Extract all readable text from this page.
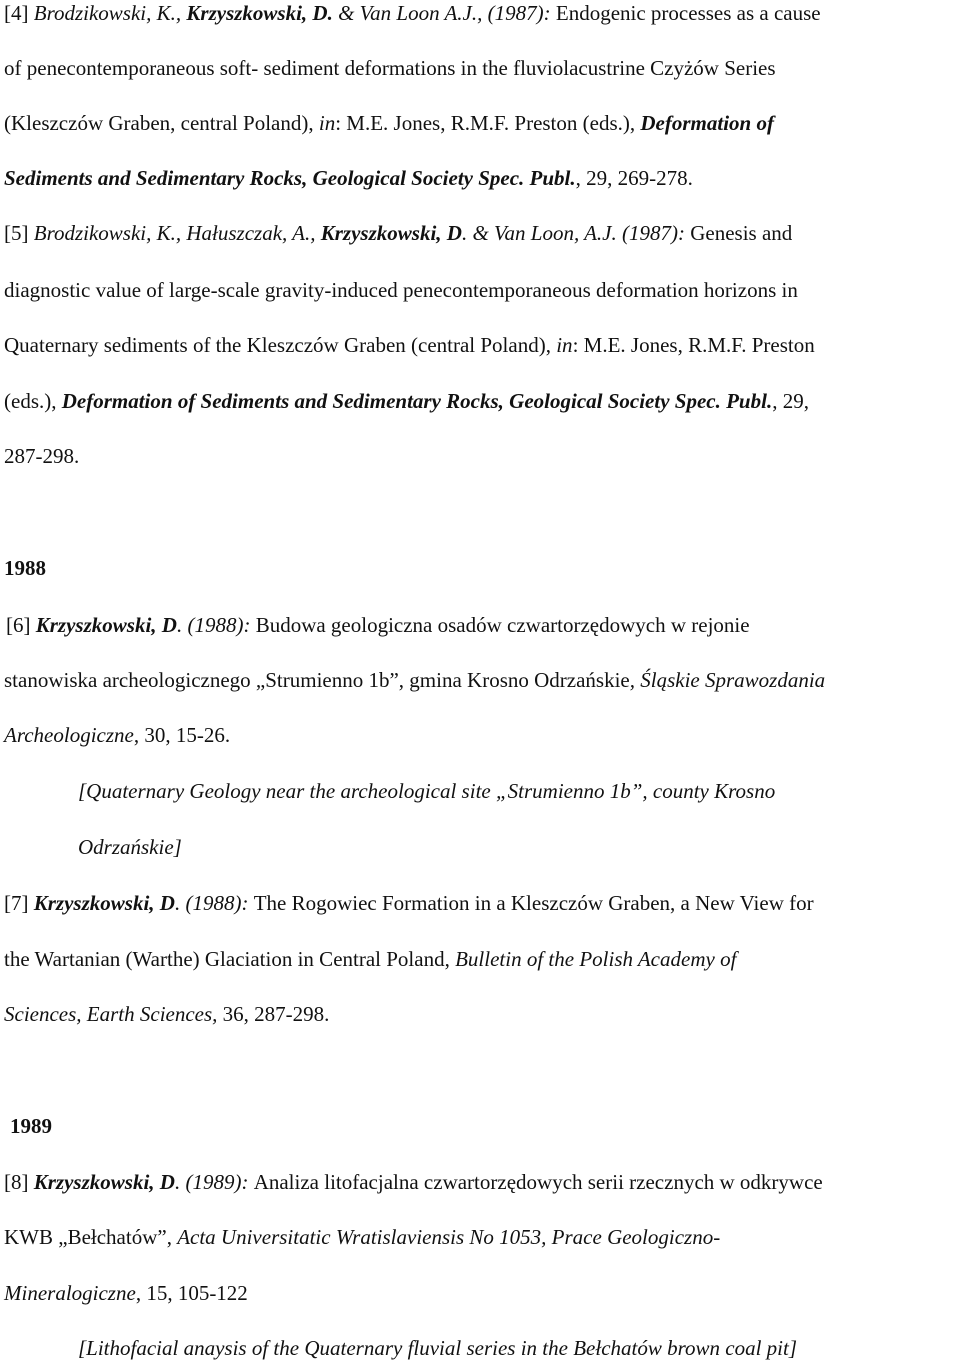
[4] Brodzikowski, K., Krzyszkowski, D. & Van Loon A.J., (1987): Endogenic processes as a cause
of penecontemporaneous soft- sediment deformations in the fluviolacustrine Czyżów Series
(Kleszczów Graben, central Poland), in: M.E. Jones, R.M.F. Preston (eds.), Deformation of
Sediments and Sedimentary Rocks, Geological Society Spec. Publ., 29, 269-278.
[5] Brodzikowski, K., Hałuszczak, A., Krzyszkowski, D. & Van Loon, A.J. (1987): Genesis and
diagnostic value of large-scale gravity-induced penecontemporaneous deformation horizons in
Quaternary sediments of the Kleszczów Graben (central Poland), in: M.E. Jones, R.M.F. Preston
(eds.), Deformation of Sediments and Sedimentary Rocks, Geological Society Spec. Publ., 29,
287-298.
1988
[6] Krzyszkowski, D. (1988): Budowa geologiczna osadów czwartorzędowych w rejonie
stanowiska archeologicznego „Strumienno 1b”, gmina Krosno Odrzańskie, Śląskie Sprawozdania
Archeologiczne, 30, 15-26.
[Quaternary Geology near the archeological site „Strumienno 1b”, county Krosno
Odrzańskie]
[7] Krzyszkowski, D. (1988): The Rogowiec Formation in a Kleszczów Graben, a New View for
the Wartanian (Warthe) Glaciation in Central Poland, Bulletin of the Polish Academy of
Sciences, Earth Sciences, 36, 287-298.
1989
[8] Krzyszkowski, D. (1989): Analiza litofacjalna czwartorzędowych serii rzecznych w odkrywce
KWB „Bełchatów”, Acta Universitatic Wratislaviensis No 1053, Prace Geologiczno-
Mineralogiczne, 15, 105-122
[Lithofacial anaysis of the Quaternary fluvial series in the Bełchatów brown coal pit]
